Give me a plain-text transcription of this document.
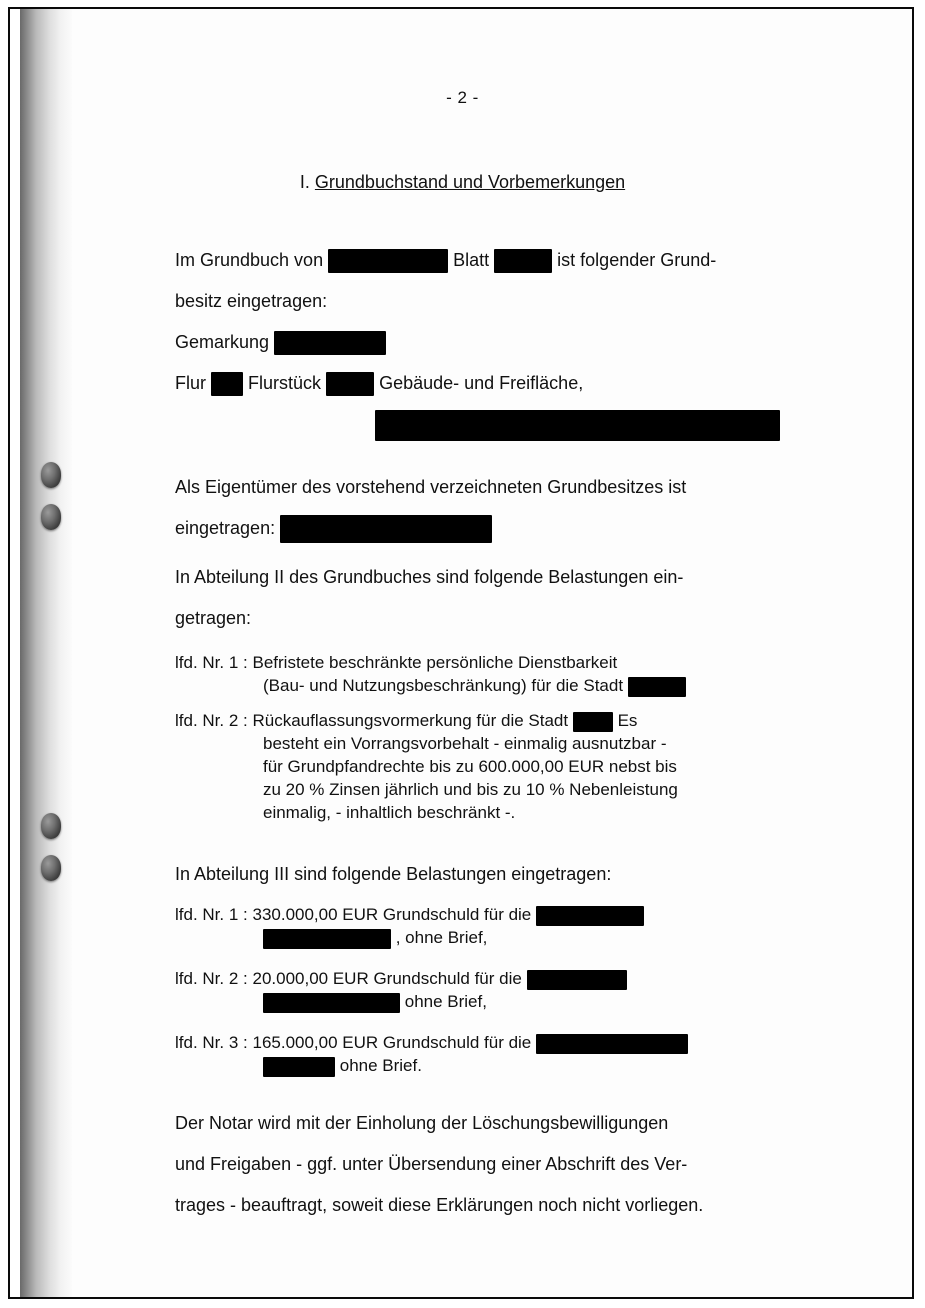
- 2 -
I. Grundbuchstand und Vorbemerkungen
Im Grundbuch von	Blatt	ist folgender Grund-
besitz eingetragen:
Gemarkung
Flur Flurstück	Gebäude- und Freifläche,
Als Eigentümer des vorstehend verzeichneten Grundbesitzes ist
eingetragen:
In Abteilung II des Grundbuches sind folgende Belastungen ein-
getragen:
lfd. Nr. 1 : Befristete beschränkte persönliche Dienstbarkeit
(Bau- und Nutzungsbeschränkung) für die Stadt
lfd. Nr. 2 : Rückauflassungsvormerkung für die Stadt	Es
besteht ein Vorrangsvorbehalt - einmalig ausnutzbar -
für Grundpfandrechte bis zu 600.000,00 EUR nebst bis
zu 20 % Zinsen jährlich und bis zu 10 % Nebenleistung
einmalig, - inhaltlich beschränkt -.
In Abteilung III sind folgende Belastungen eingetragen:
lfd. Nr. 1 : 330.000,00 EUR Grundschuld für die
, ohne Brief,
lfd. Nr. 2 : 20.000,00 EUR Grundschuld für die
ohne Brief,
lfd. Nr. 3 : 165.000,00 EUR Grundschuld für die
ohne Brief.
Der Notar wird mit der Einholung der Löschungsbewilligungen
und Freigaben - ggf. unter Übersendung einer Abschrift des Ver-
trages - beauftragt, soweit diese Erklärungen noch nicht vorliegen.
